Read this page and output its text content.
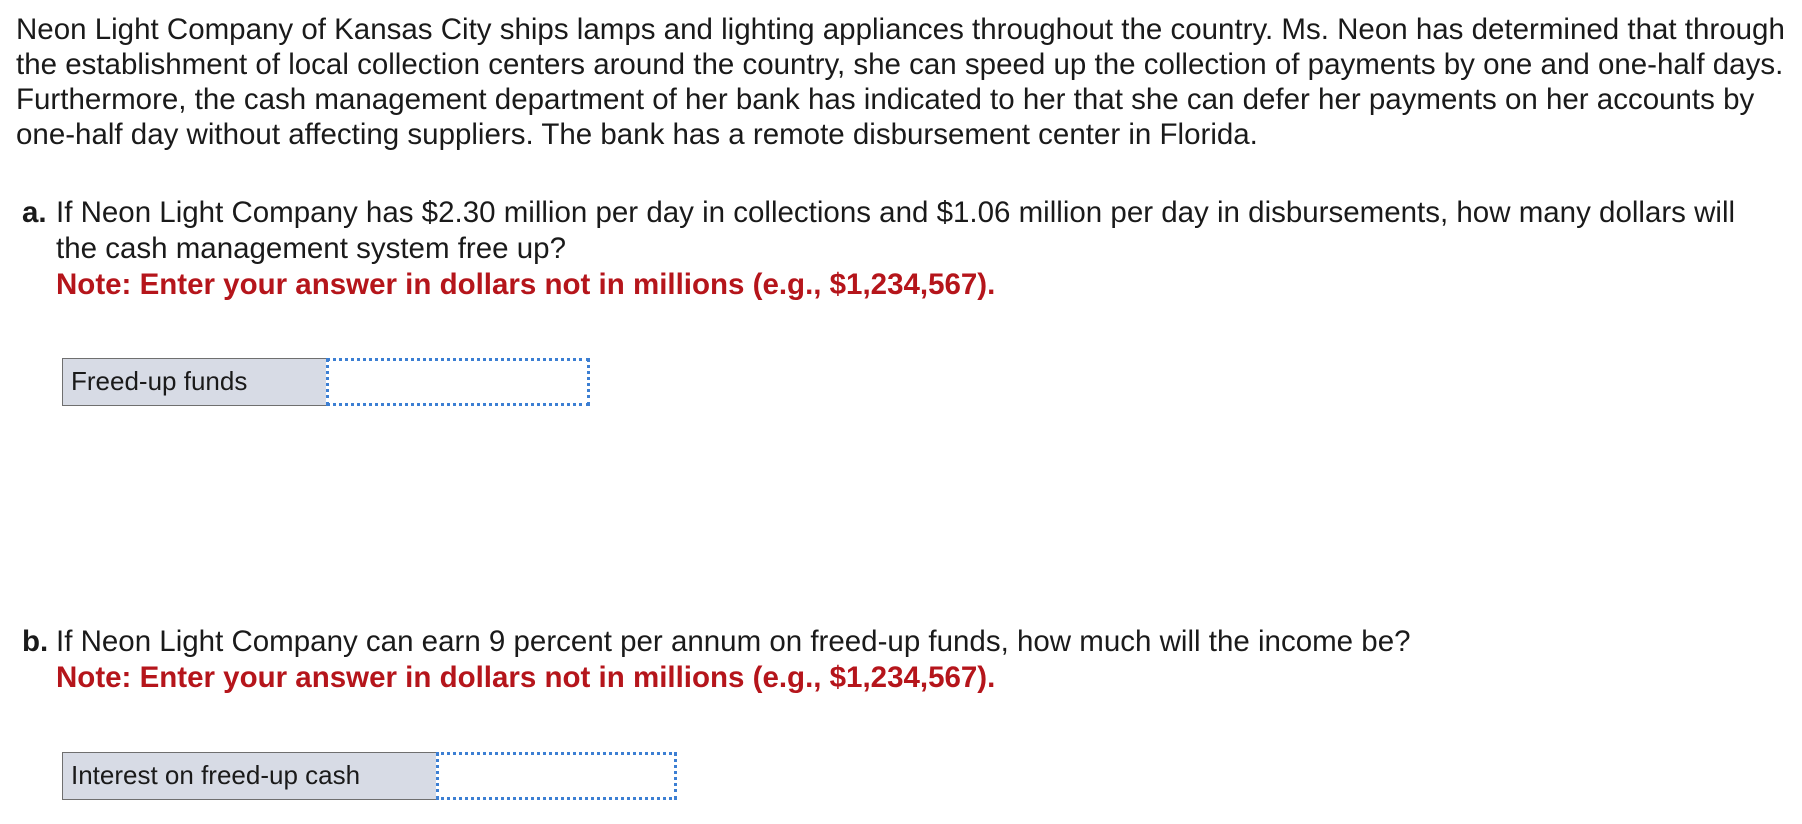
Neon Light Company of Kansas City ships lamps and lighting appliances throughout the country. Ms. Neon has determined that through the establishment of local collection centers around the country, she can speed up the collection of payments by one and one-half days. Furthermore, the cash management department of her bank has indicated to her that she can defer her payments on her accounts by one-half day without affecting suppliers. The bank has a remote disbursement center in Florida.

a. If Neon Light Company has $2.30 million per day in collections and $1.06 million per day in disbursements, how many dollars will the cash management system free up?
Note: Enter your answer in dollars not in millions (e.g., $1,234,567).
Freed-up funds
b. If Neon Light Company can earn 9 percent per annum on freed-up funds, how much will the income be?
Note: Enter your answer in dollars not in millions (e.g., $1,234,567).
Interest on freed-up cash
